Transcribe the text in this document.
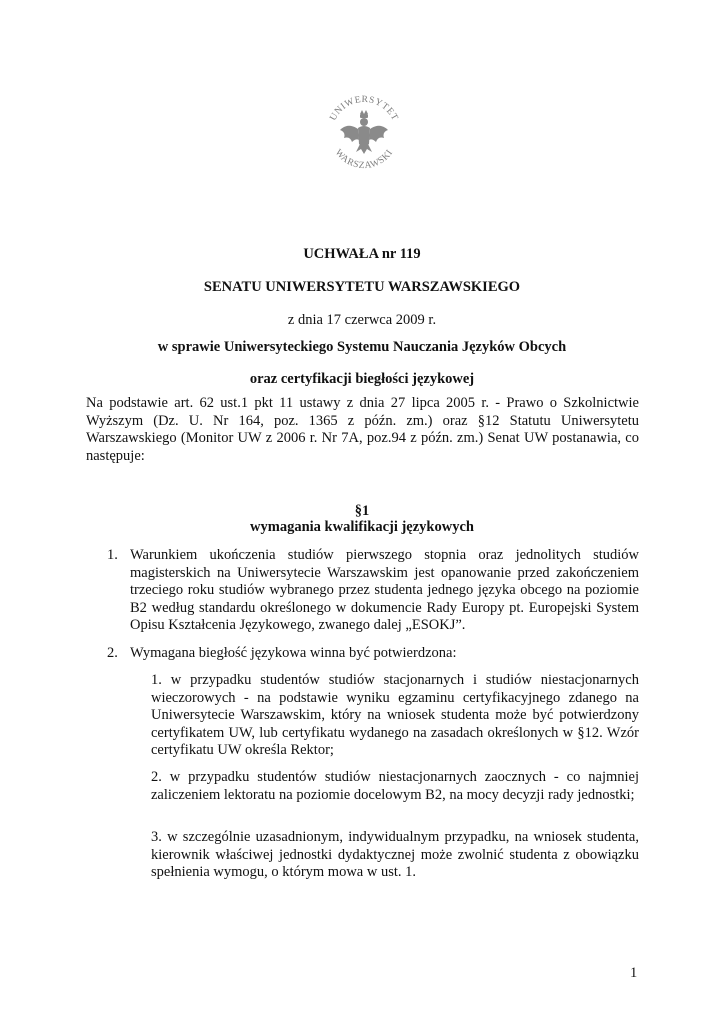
UNIWERSYTET
WARSZAWSKI
UCHWAŁA nr 119
SENATU UNIWERSYTETU WARSZAWSKIEGO
z dnia 17 czerwca 2009 r.
w sprawie Uniwersyteckiego Systemu Nauczania Języków Obcych
oraz certyfikacji biegłości językowej
Na podstawie art. 62 ust.1 pkt 11 ustawy z dnia 27 lipca 2005 r. - Prawo o Szkolnictwie Wyższym (Dz. U. Nr 164, poz. 1365 z późn. zm.) oraz §12 Statutu Uniwersytetu Warszawskiego (Monitor UW z 2006 r. Nr 7A, poz.94 z późn. zm.) Senat UW postanawia, co następuje:
§1
wymagania kwalifikacji językowych
1. Warunkiem ukończenia studiów pierwszego stopnia oraz jednolitych studiów magisterskich na Uniwersytecie Warszawskim jest opanowanie przed zakończeniem trzeciego roku studiów wybranego przez studenta jednego języka obcego na poziomie B2 według standardu określonego w dokumencie Rady Europy pt. Europejski System Opisu Kształcenia Językowego, zwanego dalej „ESOKJ”.
2. Wymagana biegłość językowa winna być potwierdzona:
1. w przypadku studentów studiów stacjonarnych i studiów niestacjonarnych wieczorowych - na podstawie wyniku egzaminu certyfikacyjnego zdanego na Uniwersytecie Warszawskim, który na wniosek studenta może być potwierdzony certyfikatem UW, lub certyfikatu wydanego na zasadach określonych w §12. Wzór certyfikatu UW określa Rektor;
2. w przypadku studentów studiów niestacjonarnych zaocznych - co najmniej zaliczeniem lektoratu na poziomie docelowym B2, na mocy decyzji rady jednostki;
3. w szczególnie uzasadnionym, indywidualnym przypadku, na wniosek studenta, kierownik właściwej jednostki dydaktycznej może zwolnić studenta z obowiązku spełnienia wymogu, o którym mowa w ust. 1.
1
